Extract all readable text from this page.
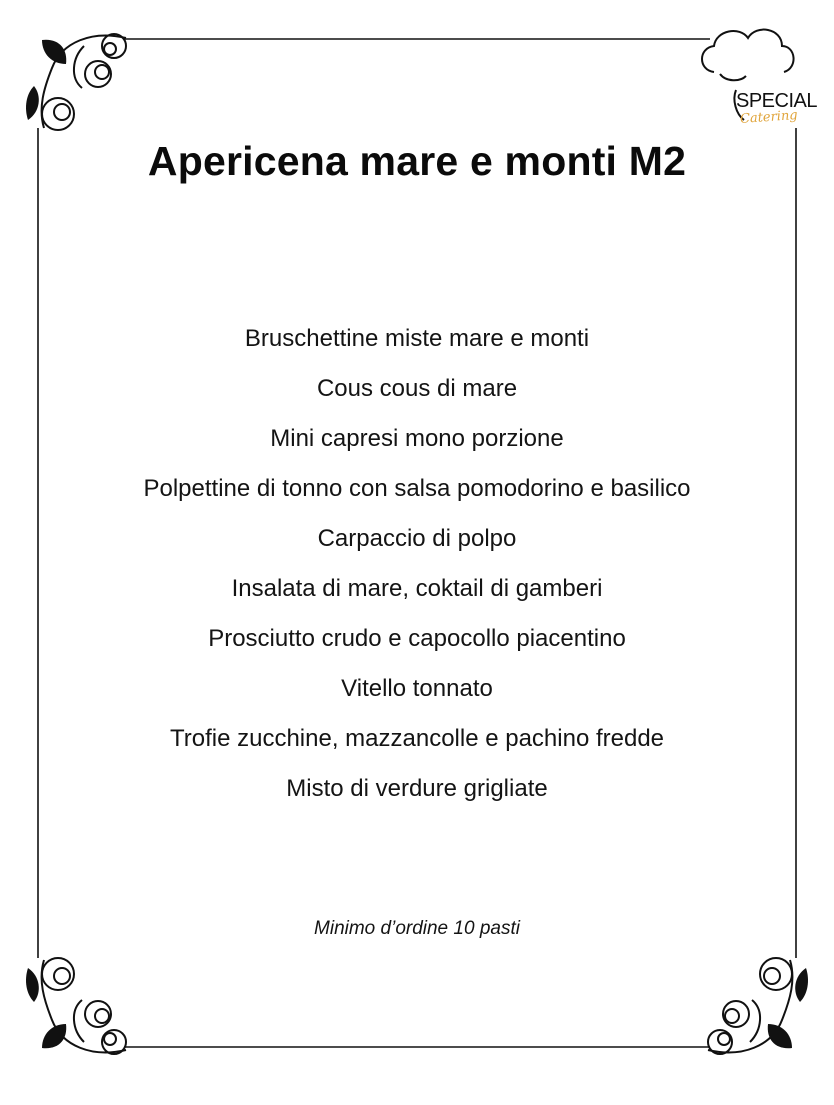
SPECIAL
Catering
Apericena mare e monti M2
Bruschettine miste mare e monti
Cous cous di mare
Mini capresi mono porzione
Polpettine di tonno con salsa pomodorino e basilico
Carpaccio di polpo
Insalata di mare, coktail di gamberi
Prosciutto crudo e capocollo piacentino
Vitello tonnato
Trofie zucchine, mazzancolle e pachino fredde
Misto di verdure grigliate
Minimo d’ordine 10 pasti
